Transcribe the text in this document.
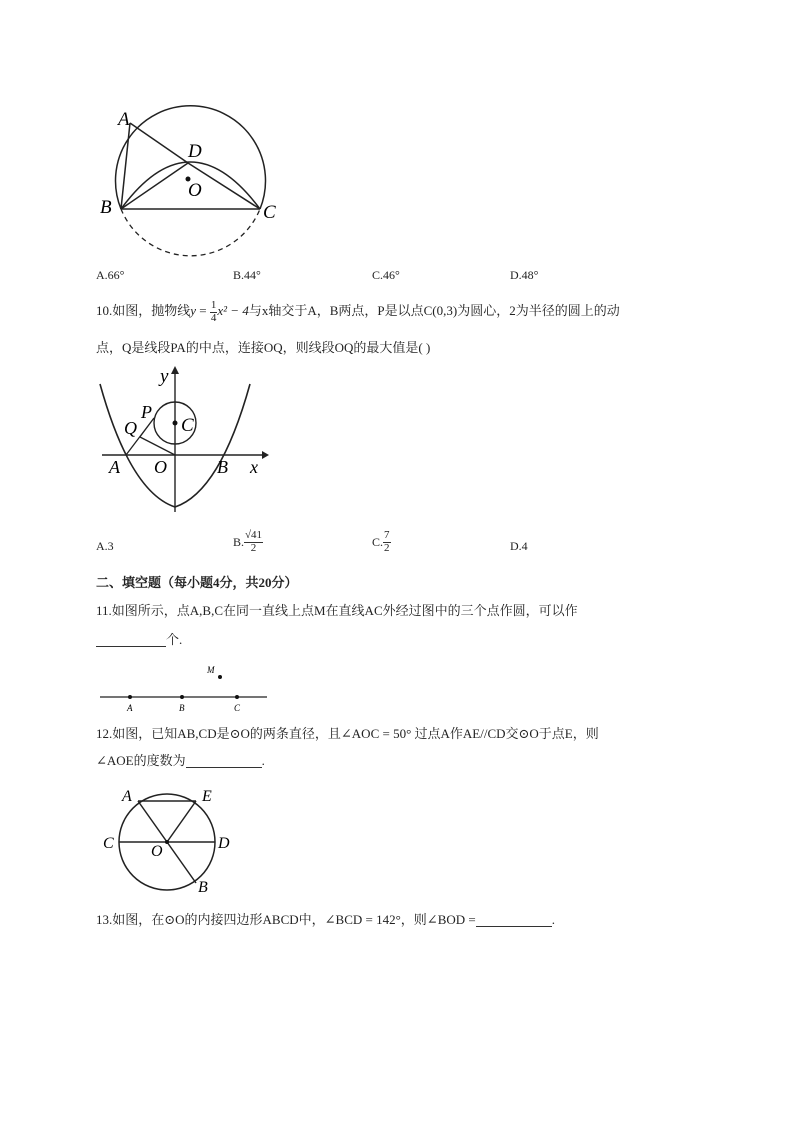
A
D
O
B	C
A.66°	B.44°	C.46°	D.48°
10.如图，抛物线$y = \frac{1}{4} x^2 - 4$与x轴交于A，B两点，P是以点C(0,3)为圆心，2为半径的圆上的动
点，Q是线段PA的中点，连接OQ，则线段OQ的最大值是( )
y
P
Q C
A O	B x
A.3	B. $\frac{√41}{2}$	C. $\frac{7}{2}$	D.4
二、填空题（每小题4分，共20分）
11.如图所示，点A,B,C在同一直线上点M在直线AC外经过图中的三个点作圆，可以作
个.
M
A	B	C
12.如图，已知AB,CD是⊙O的两条直径，且∠AOC = 50° 过点A作AE//CD交⊙O于点E，则
∠AOE的度数为	.
A	E
C	D
O
B
13.如图，在⊙O的内接四边形ABCD中，∠BCD = 142°，则∠BOD =	.
